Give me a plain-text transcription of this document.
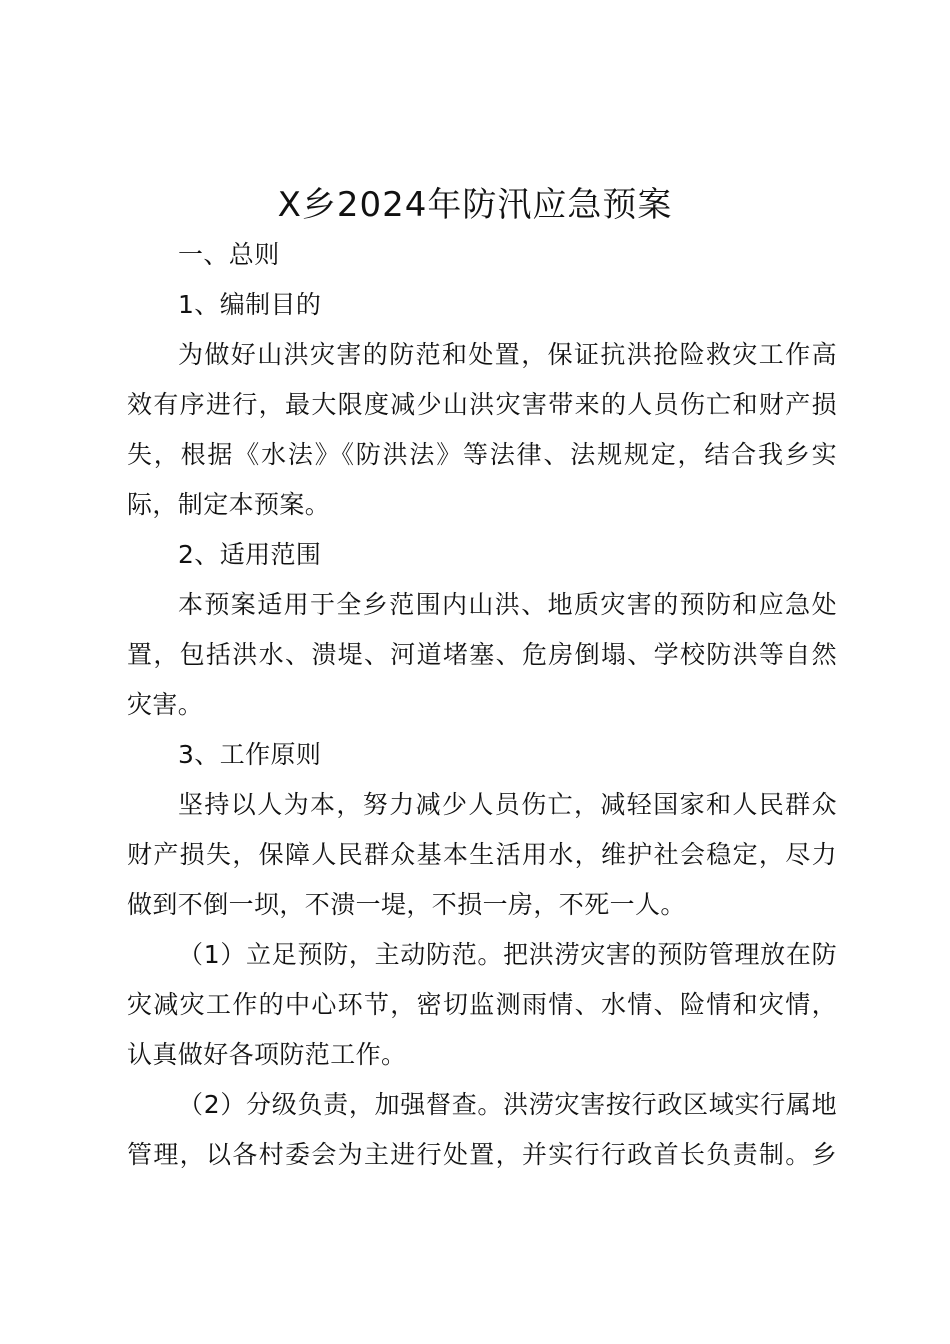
X乡2024年防汛应急预案
一、总则
1、编制目的
为做好山洪灾害的防范和处置，保证抗洪抢险救灾工作高
效有序进行，最大限度减少山洪灾害带来的人员伤亡和财产损
失，根据《水法》《防洪法》等法律、法规规定，结合我乡实
际，制定本预案。
2、适用范围
本预案适用于全乡范围内山洪、地质灾害的预防和应急处
置，包括洪水、溃堤、河道堵塞、危房倒塌、学校防洪等自然
灾害。
3、工作原则
坚持以人为本，努力减少人员伤亡，减轻国家和人民群众
财产损失，保障人民群众基本生活用水，维护社会稳定，尽力
做到不倒一坝，不溃一堤，不损一房，不死一人。
（1）立足预防，主动防范。把洪涝灾害的预防管理放在防
灾减灾工作的中心环节，密切监测雨情、水情、险情和灾情，
认真做好各项防范工作。
（2）分级负责，加强督查。洪涝灾害按行政区域实行属地
管理，以各村委会为主进行处置，并实行行政首长负责制。乡
